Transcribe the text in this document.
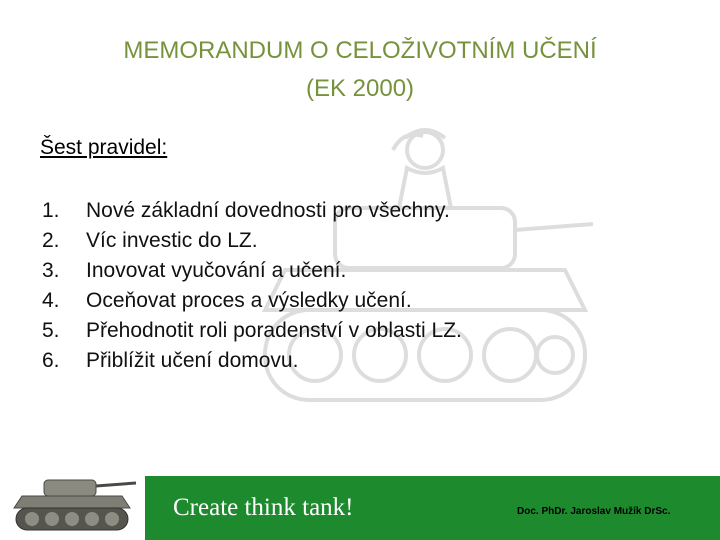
MEMORANDUM O CELOŽIVOTNÍM UČENÍ
(EK 2000)
Šest pravidel:
1. Nové základní dovednosti pro všechny.
2. Víc investic do LZ.
3. Inovovat vyučování a učení.
4. Oceňovat proces a výsledky učení.
5. Přehodnotit roli poradenství v oblasti LZ.
6. Přiblížit učení domovu.
Create think tank!	Doc. PhDr. Jaroslav Mužík DrSc.
